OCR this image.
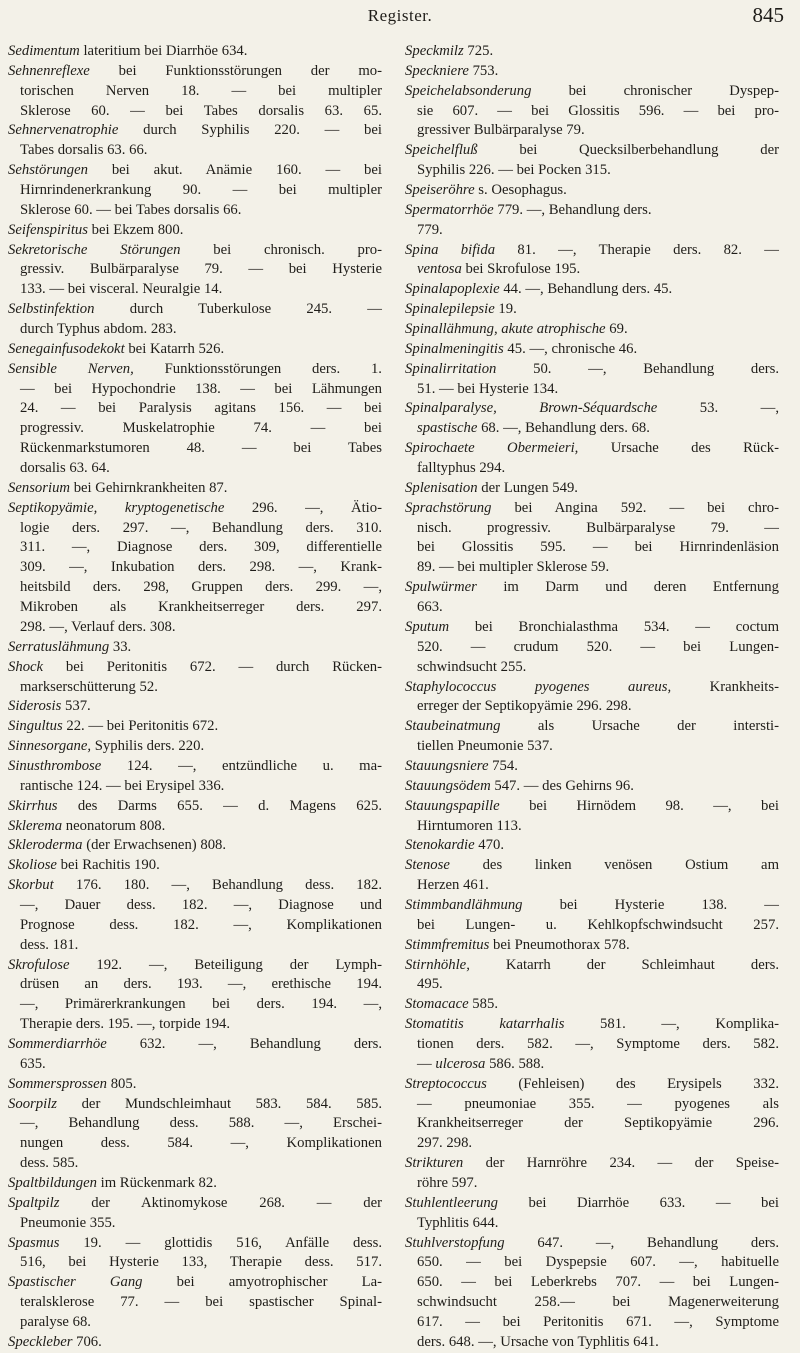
Register.	845
Sedimentum lateritium bei Diarrhöe 634.
Sehnenreflexe bei Funktionsstörungen der mo-
torischen Nerven 18. — bei multipler
Sklerose 60. — bei Tabes dorsalis 63. 65.
Sehnervenatrophie durch Syphilis 220. — bei
Tabes dorsalis 63. 66.
Sehstörungen bei akut. Anämie 160. — bei
Hirnrindenerkrankung 90. — bei multipler
Sklerose 60. — bei Tabes dorsalis 66.
Seifenspiritus bei Ekzem 800.
Sekretorische Störungen bei chronisch. pro-
gressiv. Bulbärparalyse 79. — bei Hysterie
133. — bei visceral. Neuralgie 14.
Selbstinfektion durch Tuberkulose 245. —
durch Typhus abdom. 283.
Senegainfusodekokt bei Katarrh 526.
Sensible Nerven, Funktionsstörungen ders. 1.
— bei Hypochondrie 138. — bei Lähmungen
24. — bei Paralysis agitans 156. — bei
progressiv. Muskelatrophie 74. — bei
Rückenmarkstumoren 48. — bei Tabes
dorsalis 63. 64.
Sensorium bei Gehirnkrankheiten 87.
Septikopyämie, kryptogenetische 296. —, Ätio-
logie ders. 297. —, Behandlung ders. 310.
311. —, Diagnose ders. 309, differentielle
309. —, Inkubation ders. 298. —, Krank-
heitsbild ders. 298, Gruppen ders. 299. —,
Mikroben als Krankheitserreger ders. 297.
298. —, Verlauf ders. 308.
Serratuslähmung 33.
Shock bei Peritonitis 672. — durch Rücken-
markserschütterung 52.
Siderosis 537.
Singultus 22. — bei Peritonitis 672.
Sinnesorgane, Syphilis ders. 220.
Sinusthrombose 124. —, entzündliche u. ma-
rantische 124. — bei Erysipel 336.
Skirrhus des Darms 655. — d. Magens 625.
Sklerema neonatorum 808.
Sklerodermа (der Erwachsenen) 808.
Skoliose bei Rachitis 190.
Skorbut 176. 180. —, Behandlung dess. 182.
—, Dauer dess. 182. —, Diagnose und
Prognose dess. 182. —, Komplikationen
dess. 181.
Skrofulose 192. —, Beteiligung der Lymph-
drüsen an ders. 193. —, erethische 194.
—, Primärerkrankungen bei ders. 194. —,
Therapie ders. 195. —, torpide 194.
Sommerdiarrhöe 632. —, Behandlung ders.
635.
Sommersprossen 805.
Soorpilz der Mundschleimhaut 583. 584. 585.
—, Behandlung dess. 588. —, Erschei-
nungen dess. 584. —, Komplikationen
dess. 585.
Spaltbildungen im Rückenmark 82.
Spaltpilz der Aktinomykose 268. — der
Pneumonie 355.
Spasmus 19. — glottidis 516, Anfälle dess.
516, bei Hysterie 133, Therapie dess. 517.
Spastischer Gang bei amyotrophischer La-
teralsklerose 77. — bei spastischer Spinal-
paralyse 68.
Speckleber 706.
Speckmilz 725.
Speckniere 753.
Speichelabsonderung bei chronischer Dyspep-
sie 607. — bei Glossitis 596. — bei pro-
gressiver Bulbärparalyse 79.
Speichelfluß bei Quecksilberbehandlung der
Syphilis 226. — bei Pocken 315.
Speiseröhre s. Oesophagus.
Spermatorrhöe 779. —, Behandlung ders.
779.
Spina bifida 81. —, Therapie ders. 82. —
ventosa bei Skrofulose 195.
Spinalapoplexie 44. —, Behandlung ders. 45.
Spinalepilepsie 19.
Spinallähmung, akute atrophische 69.
Spinalmeningitis 45. —, chronische 46.
Spinalirritation 50. —, Behandlung ders.
51. — bei Hysterie 134.
Spinalparalyse, Brown-Séquardsche 53. —,
spastische 68. —, Behandlung ders. 68.
Spirochaete Obermeieri, Ursache des Rück-
falltyphus 294.
Splenisation der Lungen 549.
Sprachstörung bei Angina 592. — bei chro-
nisch. progressiv. Bulbärparalyse 79. —
bei Glossitis 595. — bei Hirnrindenläsion
89. — bei multipler Sklerose 59.
Spulwürmer im Darm und deren Entfernung
663.
Sputum bei Bronchialasthma 534. — coctum
520. — crudum 520. — bei Lungen-
schwindsucht 255.
Staphylococcus pyogenes aureus, Krankheits-
erreger der Septikopyämie 296. 298.
Staubeinatmung als Ursache der intersti-
tiellen Pneumonie 537.
Stauungsniere 754.
Stauungsödem 547. — des Gehirns 96.
Stauungspapille bei Hirnödem 98. —, bei
Hirntumoren 113.
Stenokardie 470.
Stenose des linken venösen Ostium am
Herzen 461.
Stimmbandlähmung bei Hysterie 138. —
bei Lungen- u. Kehlkopfschwindsucht 257.
Stimmfremitus bei Pneumothorax 578.
Stirnhöhle, Katarrh der Schleimhaut ders.
495.
Stomacace 585.
Stomatitis katarrhalis 581. —, Komplika-
tionen ders. 582. —, Symptome ders. 582.
— ulcerosa 586. 588.
Streptococcus (Fehleisen) des Erysipels 332.
— pneumoniae 355. — pyogenes als
Krankheitserreger der Septikopyämie 296.
297. 298.
Strikturen der Harnröhre 234. — der Speise-
röhre 597.
Stuhlentleerung bei Diarrhöe 633. — bei
Typhlitis 644.
Stuhlverstopfung 647. —, Behandlung ders.
650. — bei Dyspepsie 607. —, habituelle
650. — bei Leberkrebs 707. — bei Lungen-
schwindsucht 258.— bei Magenerweiterung
617. — bei Peritonitis 671. —, Symptome
ders. 648. —, Ursache von Typhlitis 641.
